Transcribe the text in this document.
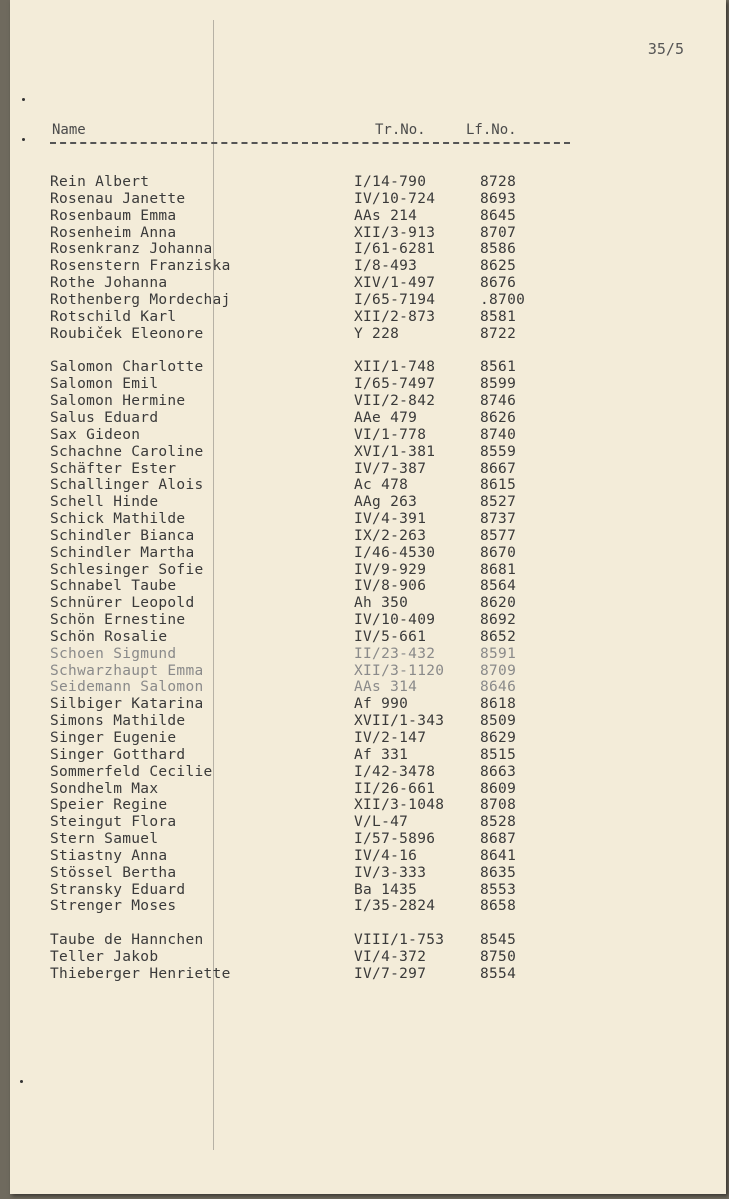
35/5
Name	Tr.No.	Lf.No.
Rein Albert	I/14-790	8728
Rosenau Janette	IV/10-724	8693
Rosenbaum Emma	AAs 214	8645
Rosenheim Anna	XII/3-913	8707
Rosenkranz Johanna	I/61-6281	8586
Rosenstern Franziska	I/8-493	8625
Rothe Johanna	XIV/1-497	8676
Rothenberg Mordechaj	I/65-7194	.8700
Rotschild Karl	XII/2-873	8581
Roubiček Eleonore	Y 228	8722
Salomon Charlotte	XII/1-748	8561
Salomon Emil	I/65-7497	8599
Salomon Hermine	VII/2-842	8746
Salus Eduard	AAe 479	8626
Sax Gideon	VI/1-778	8740
Schachne Caroline	XVI/1-381	8559
Schäfter Ester	IV/7-387	8667
Schallinger Alois	Ac 478	8615
Schell Hinde	AAg 263	8527
Schick Mathilde	IV/4-391	8737
Schindler Bianca	IX/2-263	8577
Schindler Martha	I/46-4530	8670
Schlesinger Sofie	IV/9-929	8681
Schnabel Taube	IV/8-906	8564
Schnürer Leopold	Ah 350	8620
Schön Ernestine	IV/10-409	8692
Schön Rosalie	IV/5-661	8652
Schoen Sigmund	II/23-432	8591
Schwarzhaupt Emma	XII/3-1120 8709
Seidemann Salomon	AAs 314	8646
Silbiger Katarina	Af 990	8618
Simons Mathilde	XVII/1-343 8509
Singer Eugenie	IV/2-147	8629
Singer Gotthard	Af 331	8515
Sommerfeld Cecilie	I/42-3478	8663
Sondhelm Max	II/26-661	8609
Speier Regine	XII/3-1048 8708
Steingut Flora	V/L-47	8528
Stern Samuel	I/57-5896	8687
Stiastny Anna	IV/4-16	8641
Stössel Bertha	IV/3-333	8635
Stransky Eduard	Ba 1435	8553
Strenger Moses	I/35-2824	8658
Taube de Hannchen	VIII/1-753 8545
Teller Jakob	VI/4-372	8750
Thieberger Henriette	IV/7-297	8554
